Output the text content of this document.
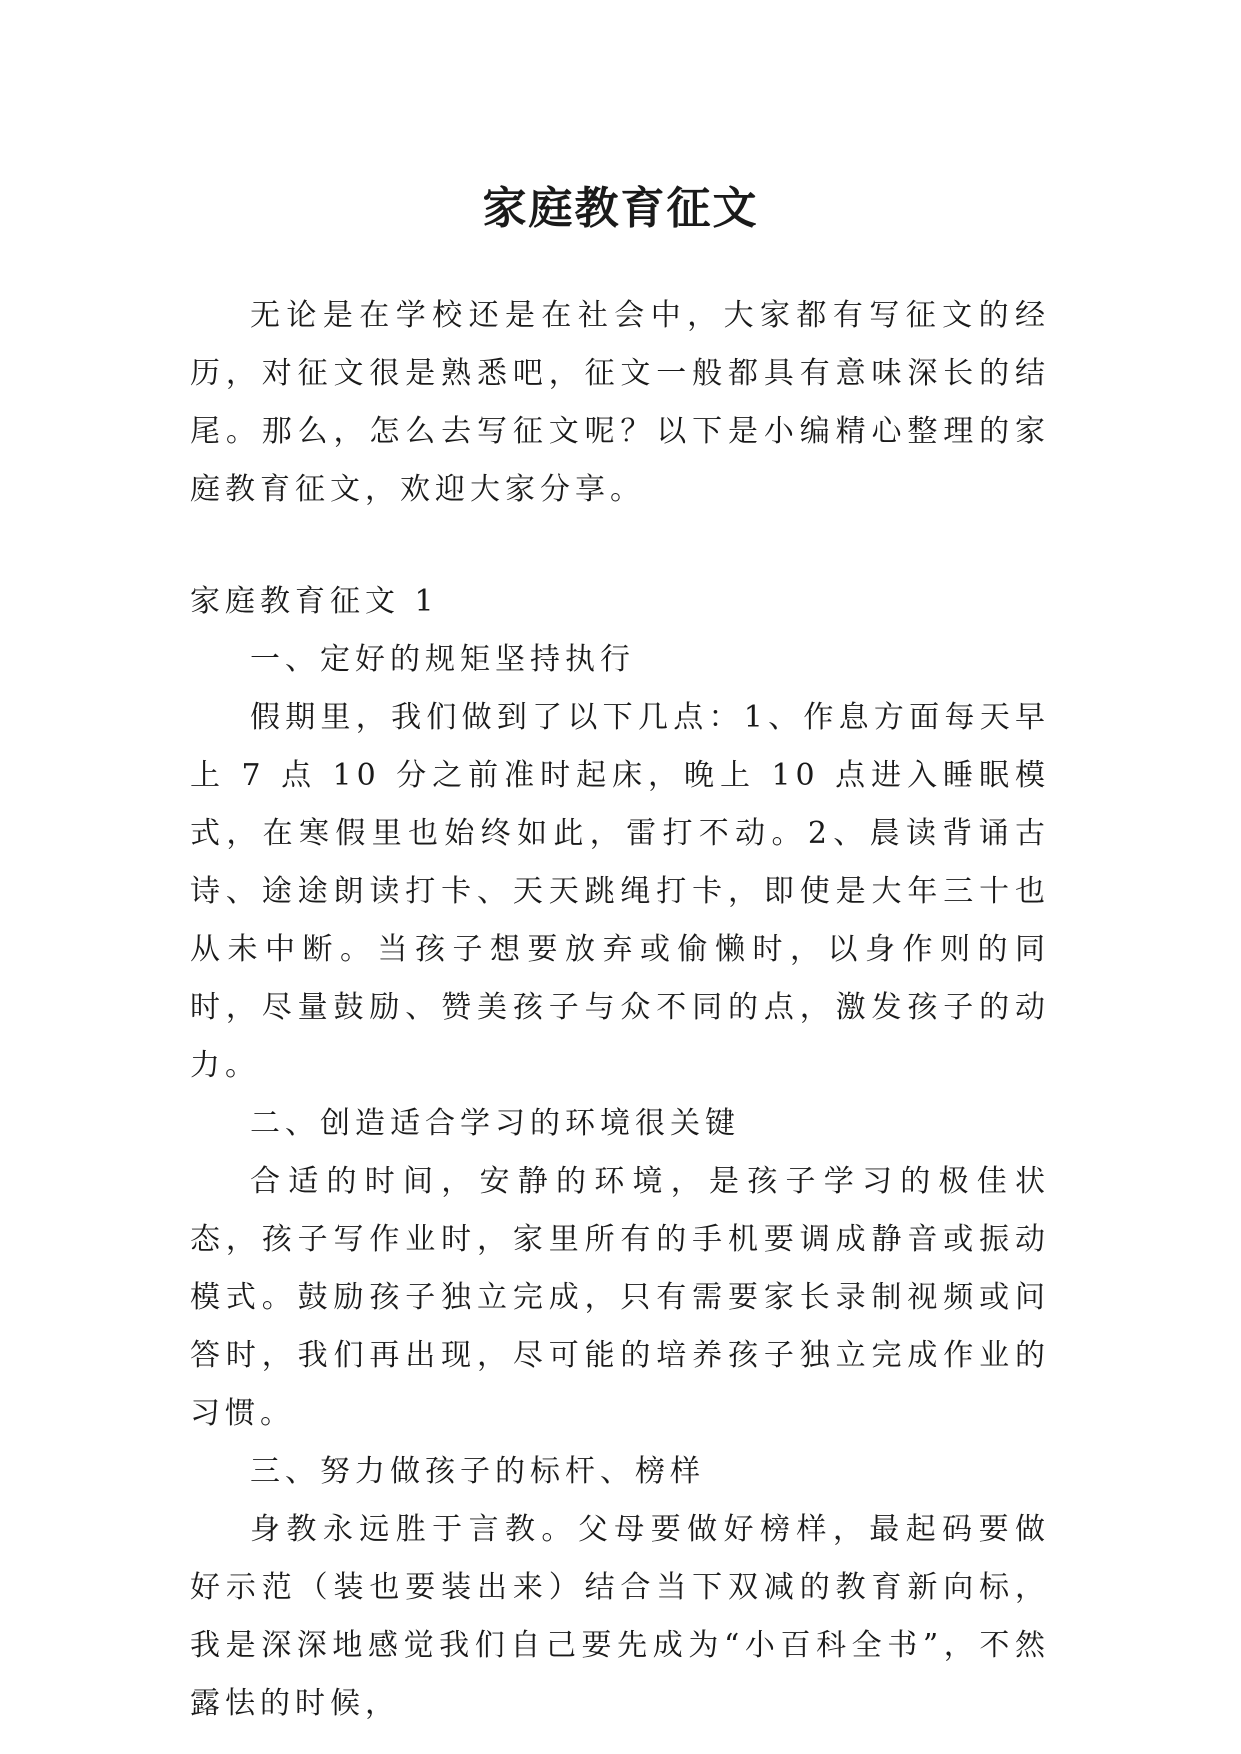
家庭教育征文

无论是在学校还是在社会中，大家都有写征文的经历，对征文很是熟悉吧，征文一般都具有意味深长的结尾。那么，怎么去写征文呢？以下是小编精心整理的家庭教育征文，欢迎大家分享。

家庭教育征文 1

一、定好的规矩坚持执行

假期里，我们做到了以下几点：1、作息方面每天早上 7 点 10 分之前准时起床，晚上 10 点进入睡眠模式，在寒假里也始终如此，雷打不动。2、晨读背诵古诗、途途朗读打卡、天天跳绳打卡，即使是大年三十也从未中断。当孩子想要放弃或偷懒时，以身作则的同时，尽量鼓励、赞美孩子与众不同的点，激发孩子的动力。

二、创造适合学习的环境很关键

合适的时间，安静的环境，是孩子学习的极佳状态，孩子写作业时，家里所有的手机要调成静音或振动模式。鼓励孩子独立完成，只有需要家长录制视频或问答时，我们再出现，尽可能的培养孩子独立完成作业的习惯。

三、努力做孩子的标杆、榜样

身教永远胜于言教。父母要做好榜样，最起码要做好示范（装也要装出来）结合当下双减的教育新向标，我是深深地感觉我们自己要先成为“小百科全书”，不然露怯的时候，
